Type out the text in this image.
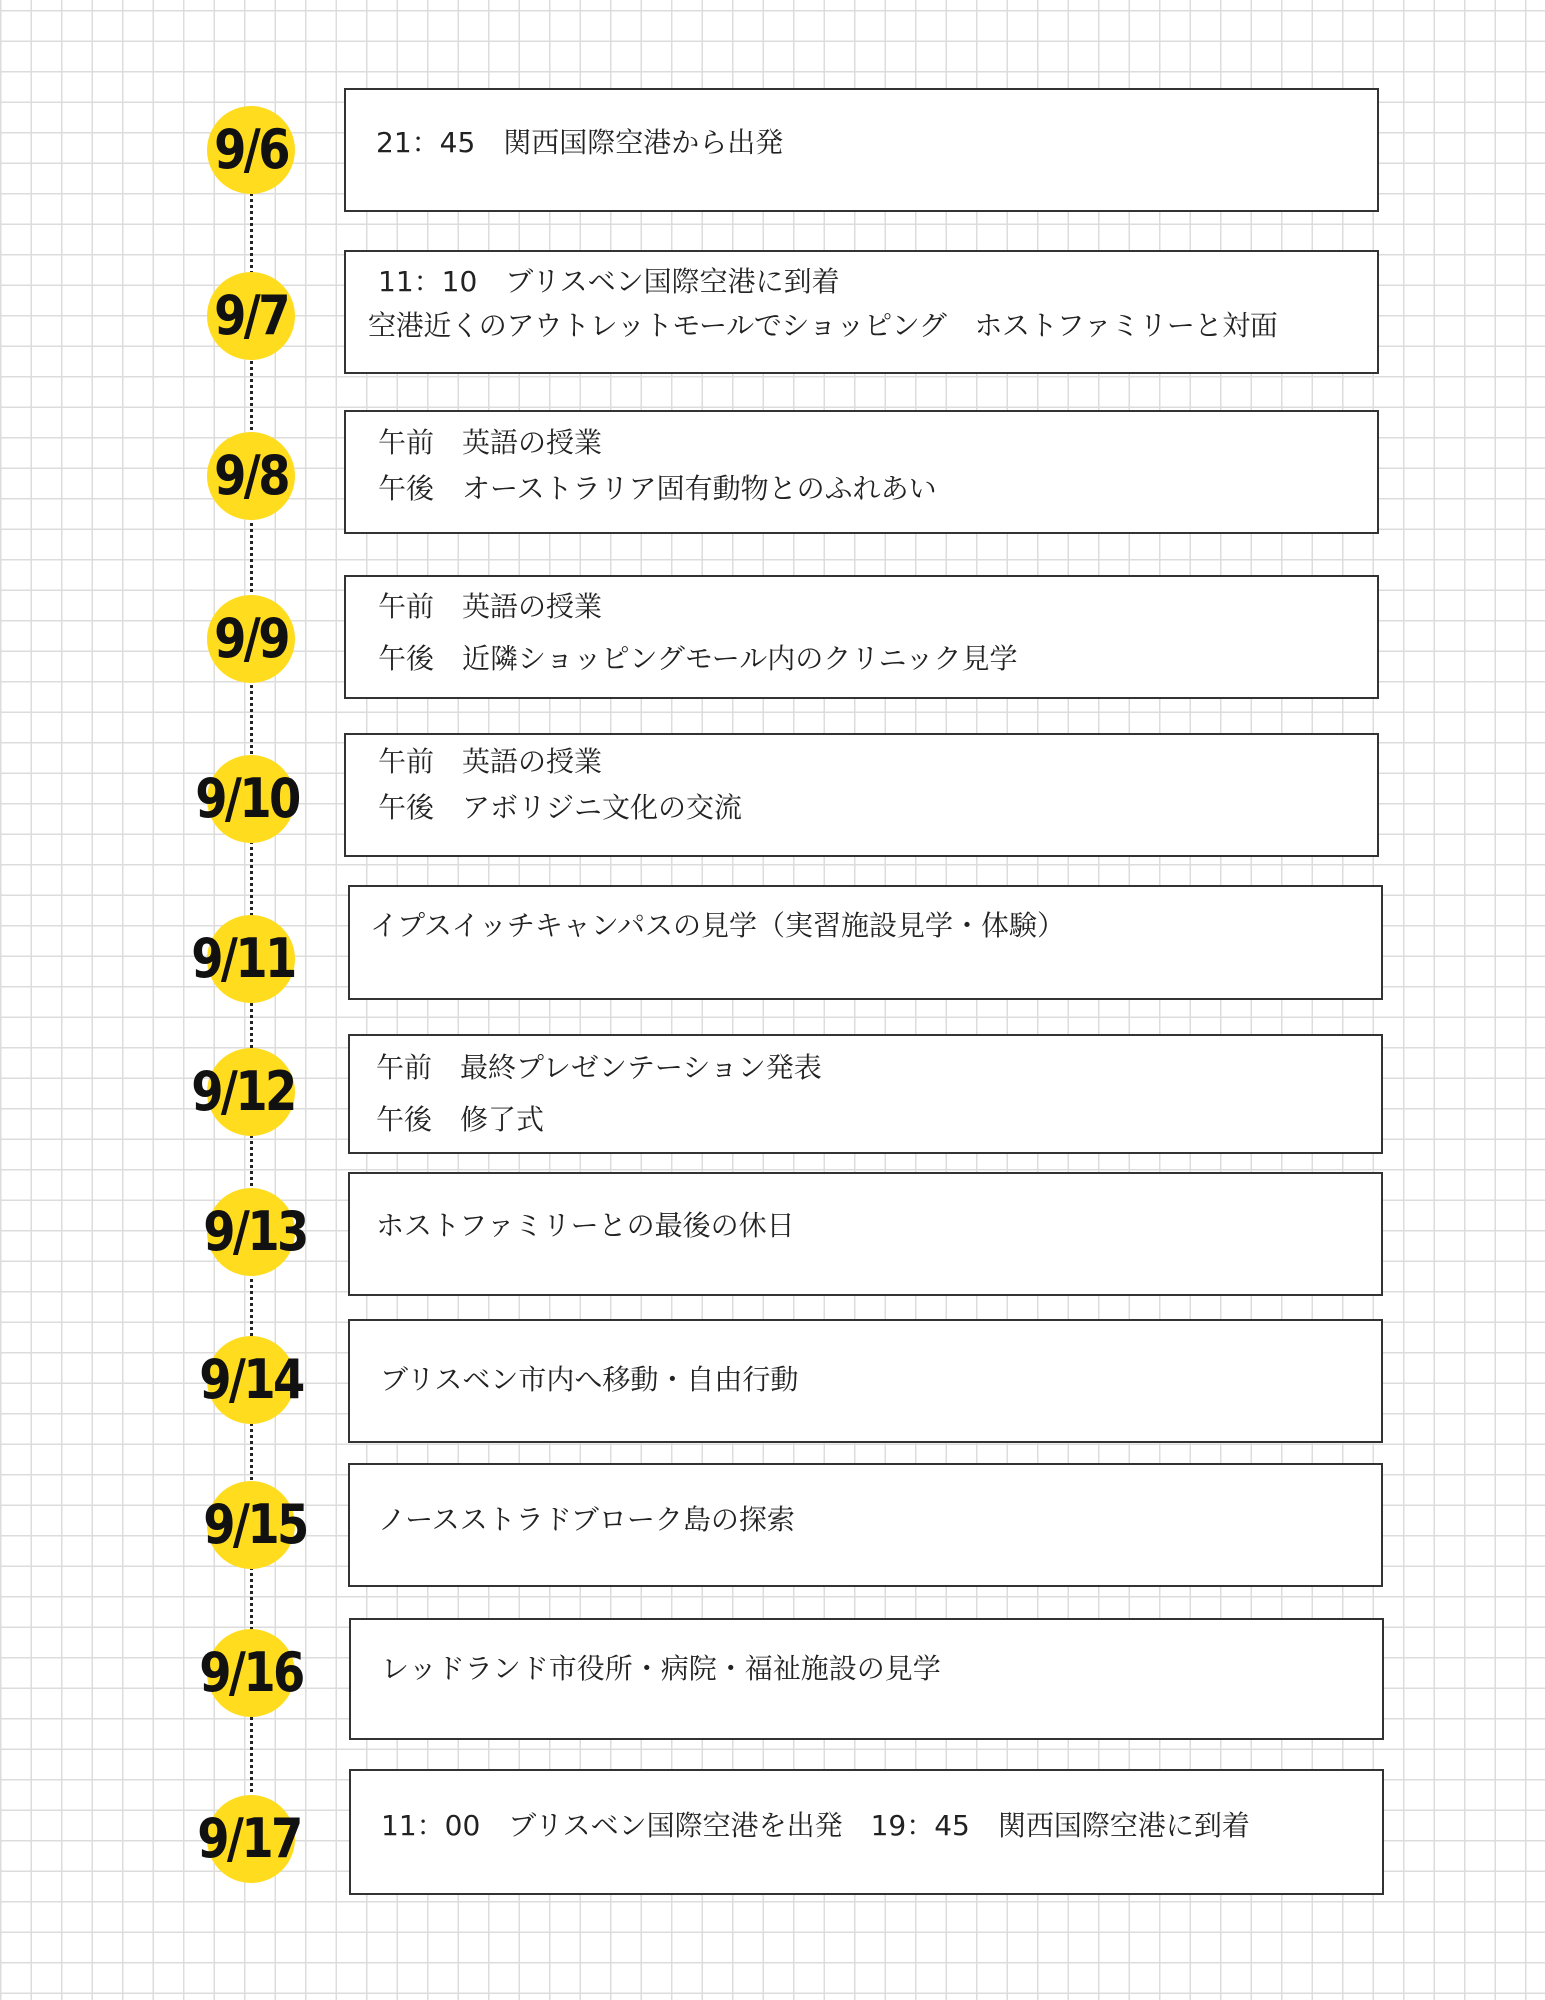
9/6	21：45　関西国際空港から出発
9/7
11：10　ブリスベン国際空港に到着
空港近くのアウトレットモールでショッピング　ホストファミリーと対面
9/8
午前　英語の授業
午後　オーストラリア固有動物とのふれあい
9/9
午前　英語の授業
午後　近隣ショッピングモール内のクリニック見学
9/10
午前　英語の授業
午後　アボリジニ文化の交流
9/11
イプスイッチキャンパスの見学（実習施設見学・体験）
9/12	午前　最終プレゼンテーション発表
午後　修了式
9/13	ホストファミリーとの最後の休日
9/14	ブリスベン市内へ移動・自由行動
9/15	ノースストラドブローク島の探索
9/16	レッドランド市役所・病院・福祉施設の見学
9/17	11：00　ブリスベン国際空港を出発　19：45　関西国際空港に到着
